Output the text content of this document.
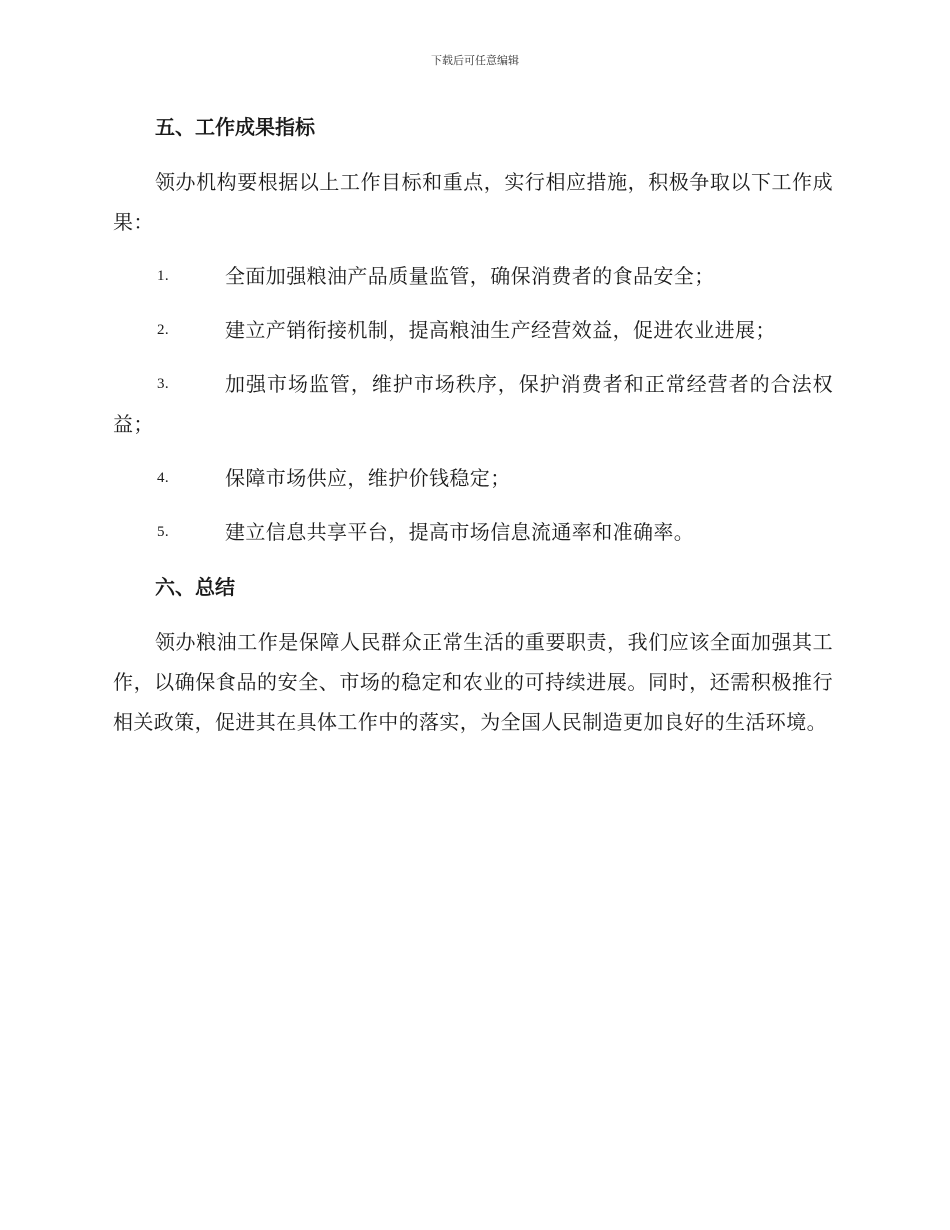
下载后可任意编辑
五、工作成果指标

领办机构要根据以上工作目标和重点，实行相应措施，积极争取以下工作成果：

1.	全面加强粮油产品质量监管，确保消费者的食品安全；

2.	建立产销衔接机制，提高粮油生产经营效益，促进农业进展；

3.	加强市场监管，维护市场秩序，保护消费者和正常经营者的合法权益；

4.	保障市场供应，维护价钱稳定；

5.	建立信息共享平台，提高市场信息流通率和准确率。

六、总结

领办粮油工作是保障人民群众正常生活的重要职责，我们应该全面加强其工作，以确保食品的安全、市场的稳定和农业的可持续进展。同时，还需积极推行相关政策，促进其在具体工作中的落实，为全国人民制造更加良好的生活环境。
